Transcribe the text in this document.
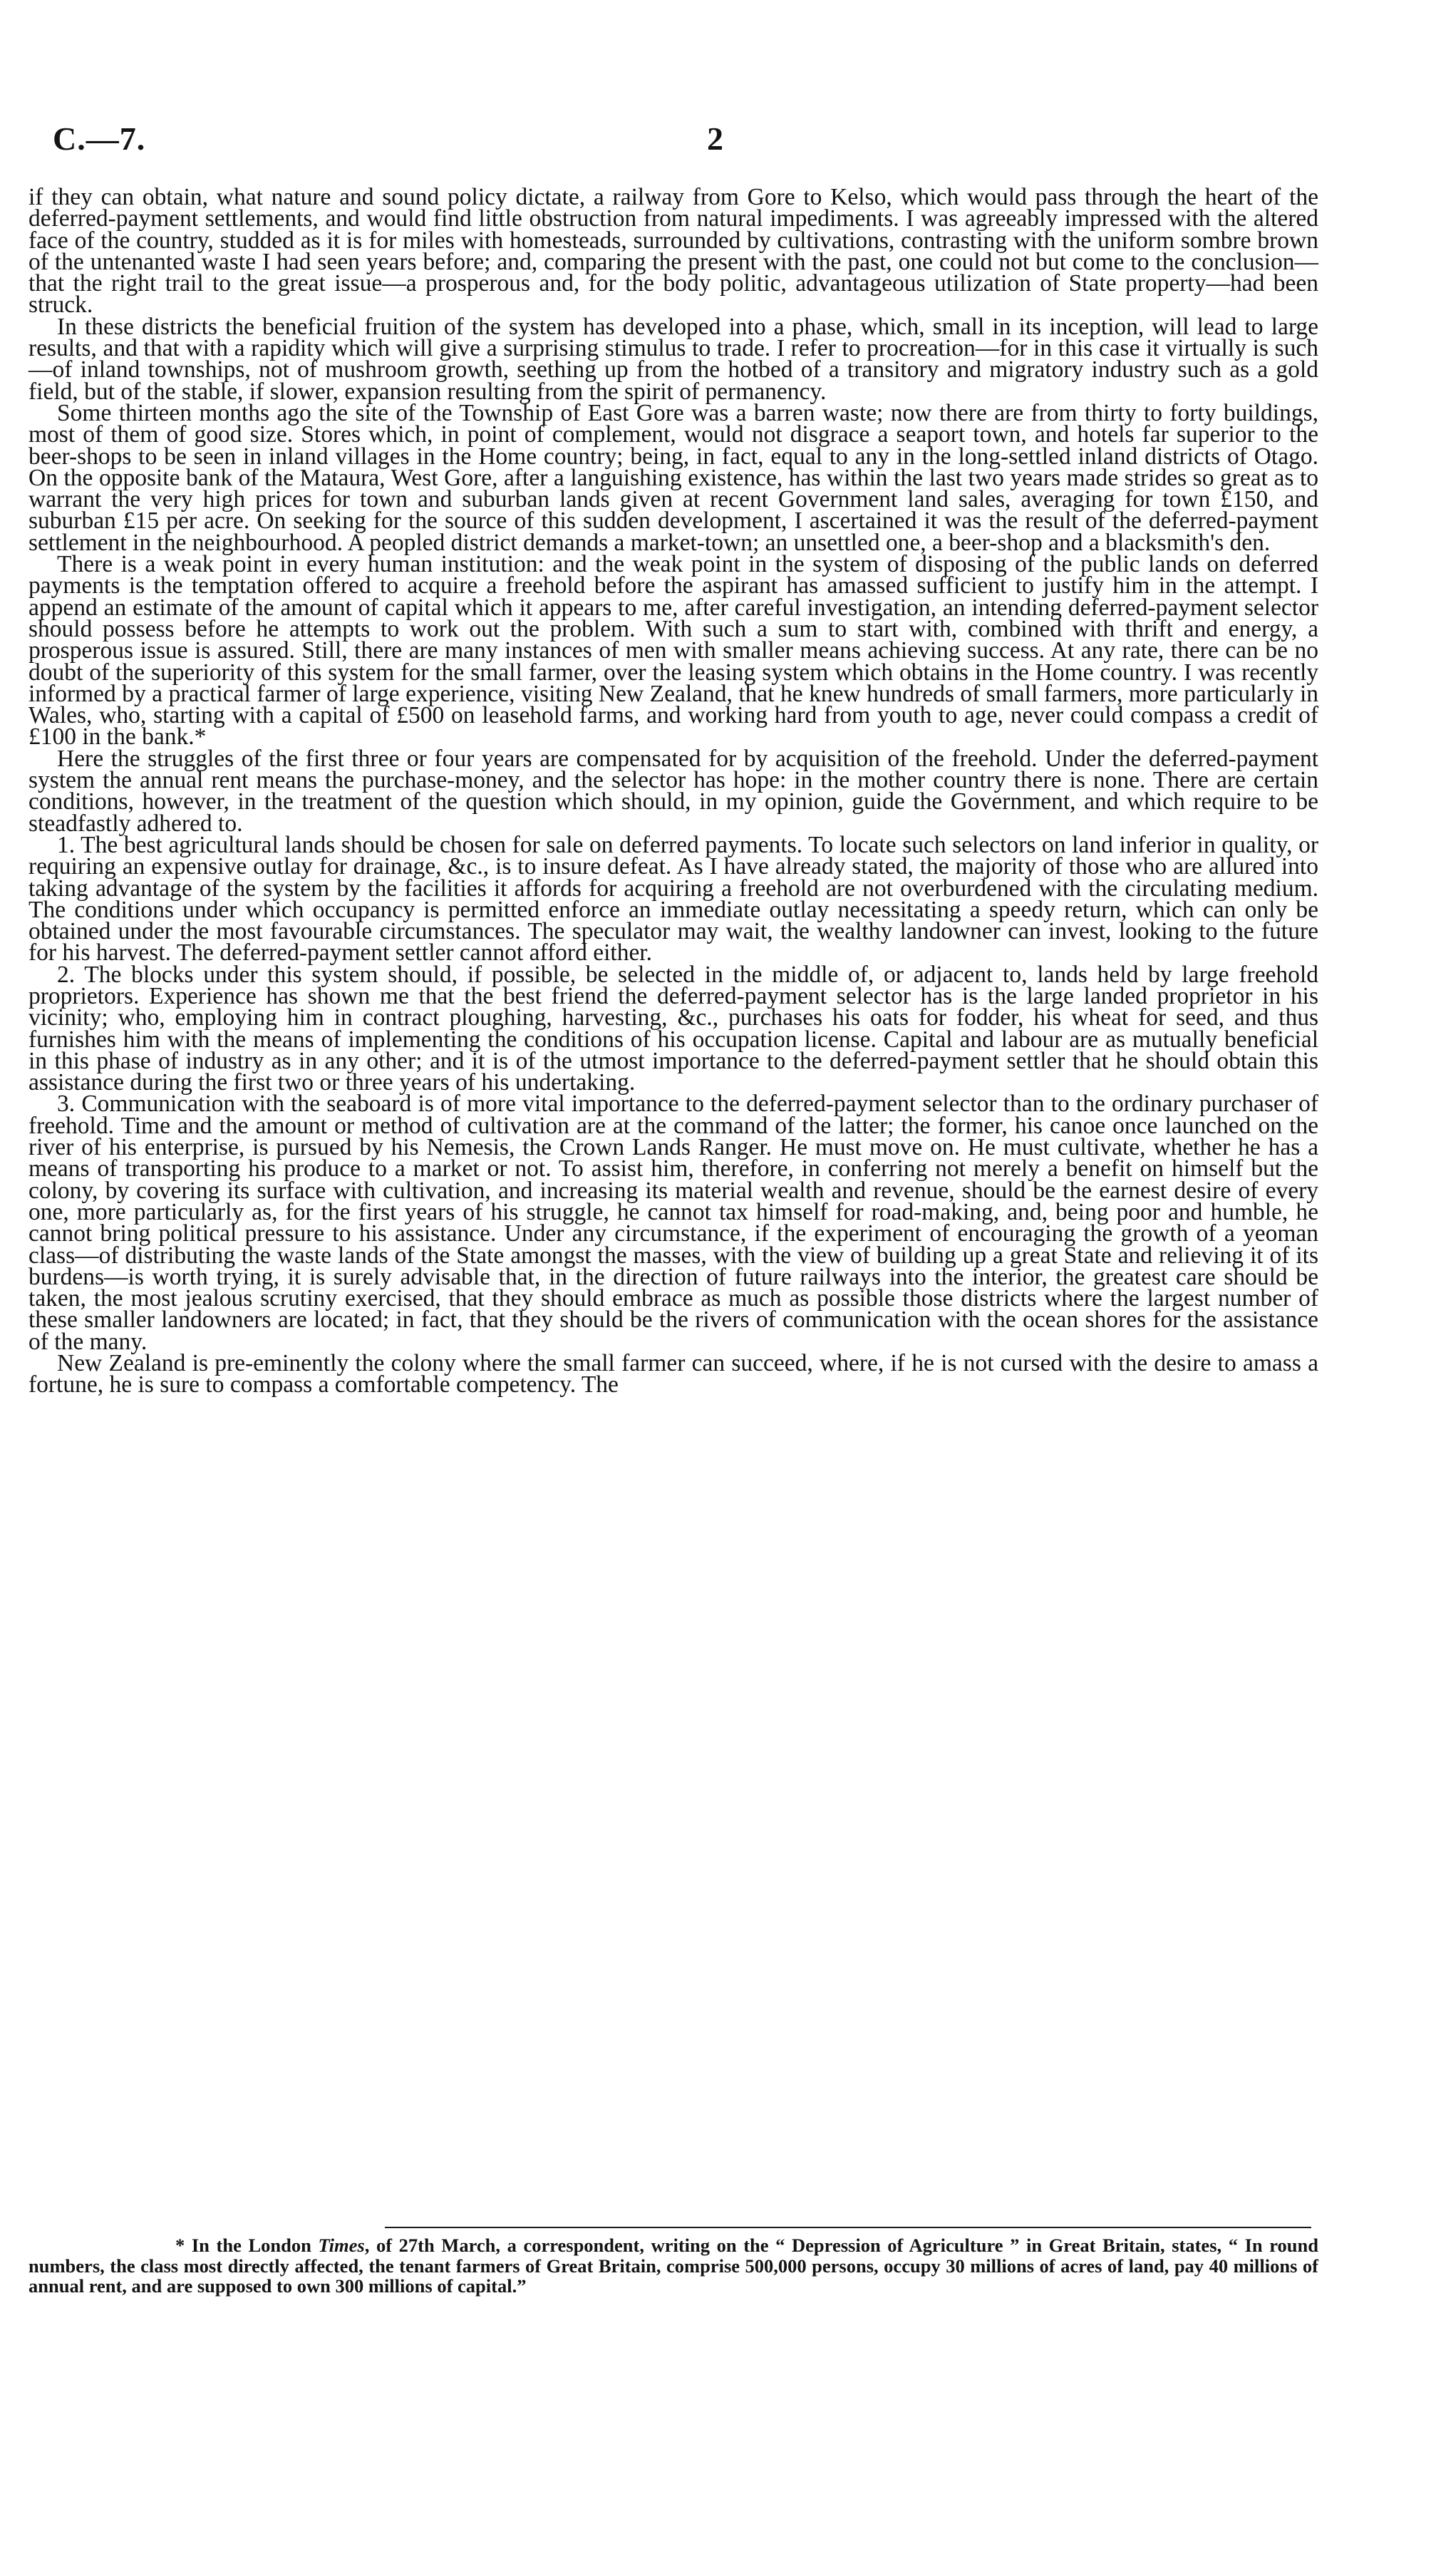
C.—7.	2

if they can obtain, what nature and sound policy dictate, a railway from Gore to Kelso, which would pass through the heart of the deferred-payment settlements, and would find little obstruction from natural impediments. I was agreeably impressed with the altered face of the country, studded as it is for miles with homesteads, surrounded by cultivations, contrasting with the uniform sombre brown of the untenanted waste I had seen years before; and, comparing the present with the past, one could not but come to the conclusion—that the right trail to the great issue—a prosperous and, for the body politic, advantageous utilization of State property—had been struck.

In these districts the beneficial fruition of the system has developed into a phase, which, small in its inception, will lead to large results, and that with a rapidity which will give a surprising stimulus to trade. I refer to procreation—for in this case it virtually is such—of inland townships, not of mushroom growth, seething up from the hotbed of a transitory and migratory industry such as a gold field, but of the stable, if slower, expansion resulting from the spirit of permanency.

Some thirteen months ago the site of the Township of East Gore was a barren waste; now there are from thirty to forty buildings, most of them of good size. Stores which, in point of complement, would not disgrace a seaport town, and hotels far superior to the beer-shops to be seen in inland villages in the Home country; being, in fact, equal to any in the long-settled inland districts of Otago. On the opposite bank of the Mataura, West Gore, after a languishing existence, has within the last two years made strides so great as to warrant the very high prices for town and suburban lands given at recent Government land sales, averaging for town £150, and suburban £15 per acre. On seeking for the source of this sudden development, I ascertained it was the result of the deferred-payment settlement in the neighbourhood. A peopled district demands a market-town; an unsettled one, a beer-shop and a blacksmith's den.

There is a weak point in every human institution: and the weak point in the system of disposing of the public lands on deferred payments is the temptation offered to acquire a freehold before the aspirant has amassed sufficient to justify him in the attempt. I append an estimate of the amount of capital which it appears to me, after careful investigation, an intending deferred-payment selector should possess before he attempts to work out the problem. With such a sum to start with, combined with thrift and energy, a prosperous issue is assured. Still, there are many instances of men with smaller means achieving success. At any rate, there can be no doubt of the superiority of this system for the small farmer, over the leasing system which obtains in the Home country. I was recently informed by a practical farmer of large experience, visiting New Zealand, that he knew hundreds of small farmers, more particularly in Wales, who, starting with a capital of £500 on leasehold farms, and working hard from youth to age, never could compass a credit of £100 in the bank.*

Here the struggles of the first three or four years are compensated for by acquisition of the freehold. Under the deferred-payment system the annual rent means the purchase-money, and the selector has hope: in the mother country there is none. There are certain conditions, however, in the treatment of the question which should, in my opinion, guide the Government, and which require to be steadfastly adhered to.

1. The best agricultural lands should be chosen for sale on deferred payments. To locate such selectors on land inferior in quality, or requiring an expensive outlay for drainage, &c., is to insure defeat. As I have already stated, the majority of those who are allured into taking advantage of the system by the facilities it affords for acquiring a freehold are not overburdened with the circulating medium. The conditions under which occupancy is permitted enforce an immediate outlay necessitating a speedy return, which can only be obtained under the most favourable circumstances. The speculator may wait, the wealthy landowner can invest, looking to the future for his harvest. The deferred-payment settler cannot afford either.

2. The blocks under this system should, if possible, be selected in the middle of, or adjacent to, lands held by large freehold proprietors. Experience has shown me that the best friend the deferred-payment selector has is the large landed proprietor in his vicinity; who, employing him in contract ploughing, harvesting, &c., purchases his oats for fodder, his wheat for seed, and thus furnishes him with the means of implementing the conditions of his occupation license. Capital and labour are as mutually beneficial in this phase of industry as in any other; and it is of the utmost importance to the deferred-payment settler that he should obtain this assistance during the first two or three years of his undertaking.

3. Communication with the seaboard is of more vital importance to the deferred-payment selector than to the ordinary purchaser of freehold. Time and the amount or method of cultivation are at the command of the latter; the former, his canoe once launched on the river of his enterprise, is pursued by his Nemesis, the Crown Lands Ranger. He must move on. He must cultivate, whether he has a means of transporting his produce to a market or not. To assist him, therefore, in conferring not merely a benefit on himself but the colony, by covering its surface with cultivation, and increasing its material wealth and revenue, should be the earnest desire of every one, more particularly as, for the first years of his struggle, he cannot tax himself for road-making, and, being poor and humble, he cannot bring political pressure to his assistance. Under any circumstance, if the experiment of encouraging the growth of a yeoman class—of distributing the waste lands of the State amongst the masses, with the view of building up a great State and relieving it of its burdens—is worth trying, it is surely advisable that, in the direction of future railways into the interior, the greatest care should be taken, the most jealous scrutiny exercised, that they should embrace as much as possible those districts where the largest number of these smaller landowners are located; in fact, that they should be the rivers of communication with the ocean shores for the assistance of the many.

New Zealand is pre-eminently the colony where the small farmer can succeed, where, if he is not cursed with the desire to amass a fortune, he is sure to compass a comfortable competency. The

* In the London Times, of 27th March, a correspondent, writing on the “ Depression of Agriculture ” in Great Britain, states, “ In round numbers, the class most directly affected, the tenant farmers of Great Britain, comprise 500,000 persons, occupy 30 millions of acres of land, pay 40 millions of annual rent, and are supposed to own 300 millions of capital.”
